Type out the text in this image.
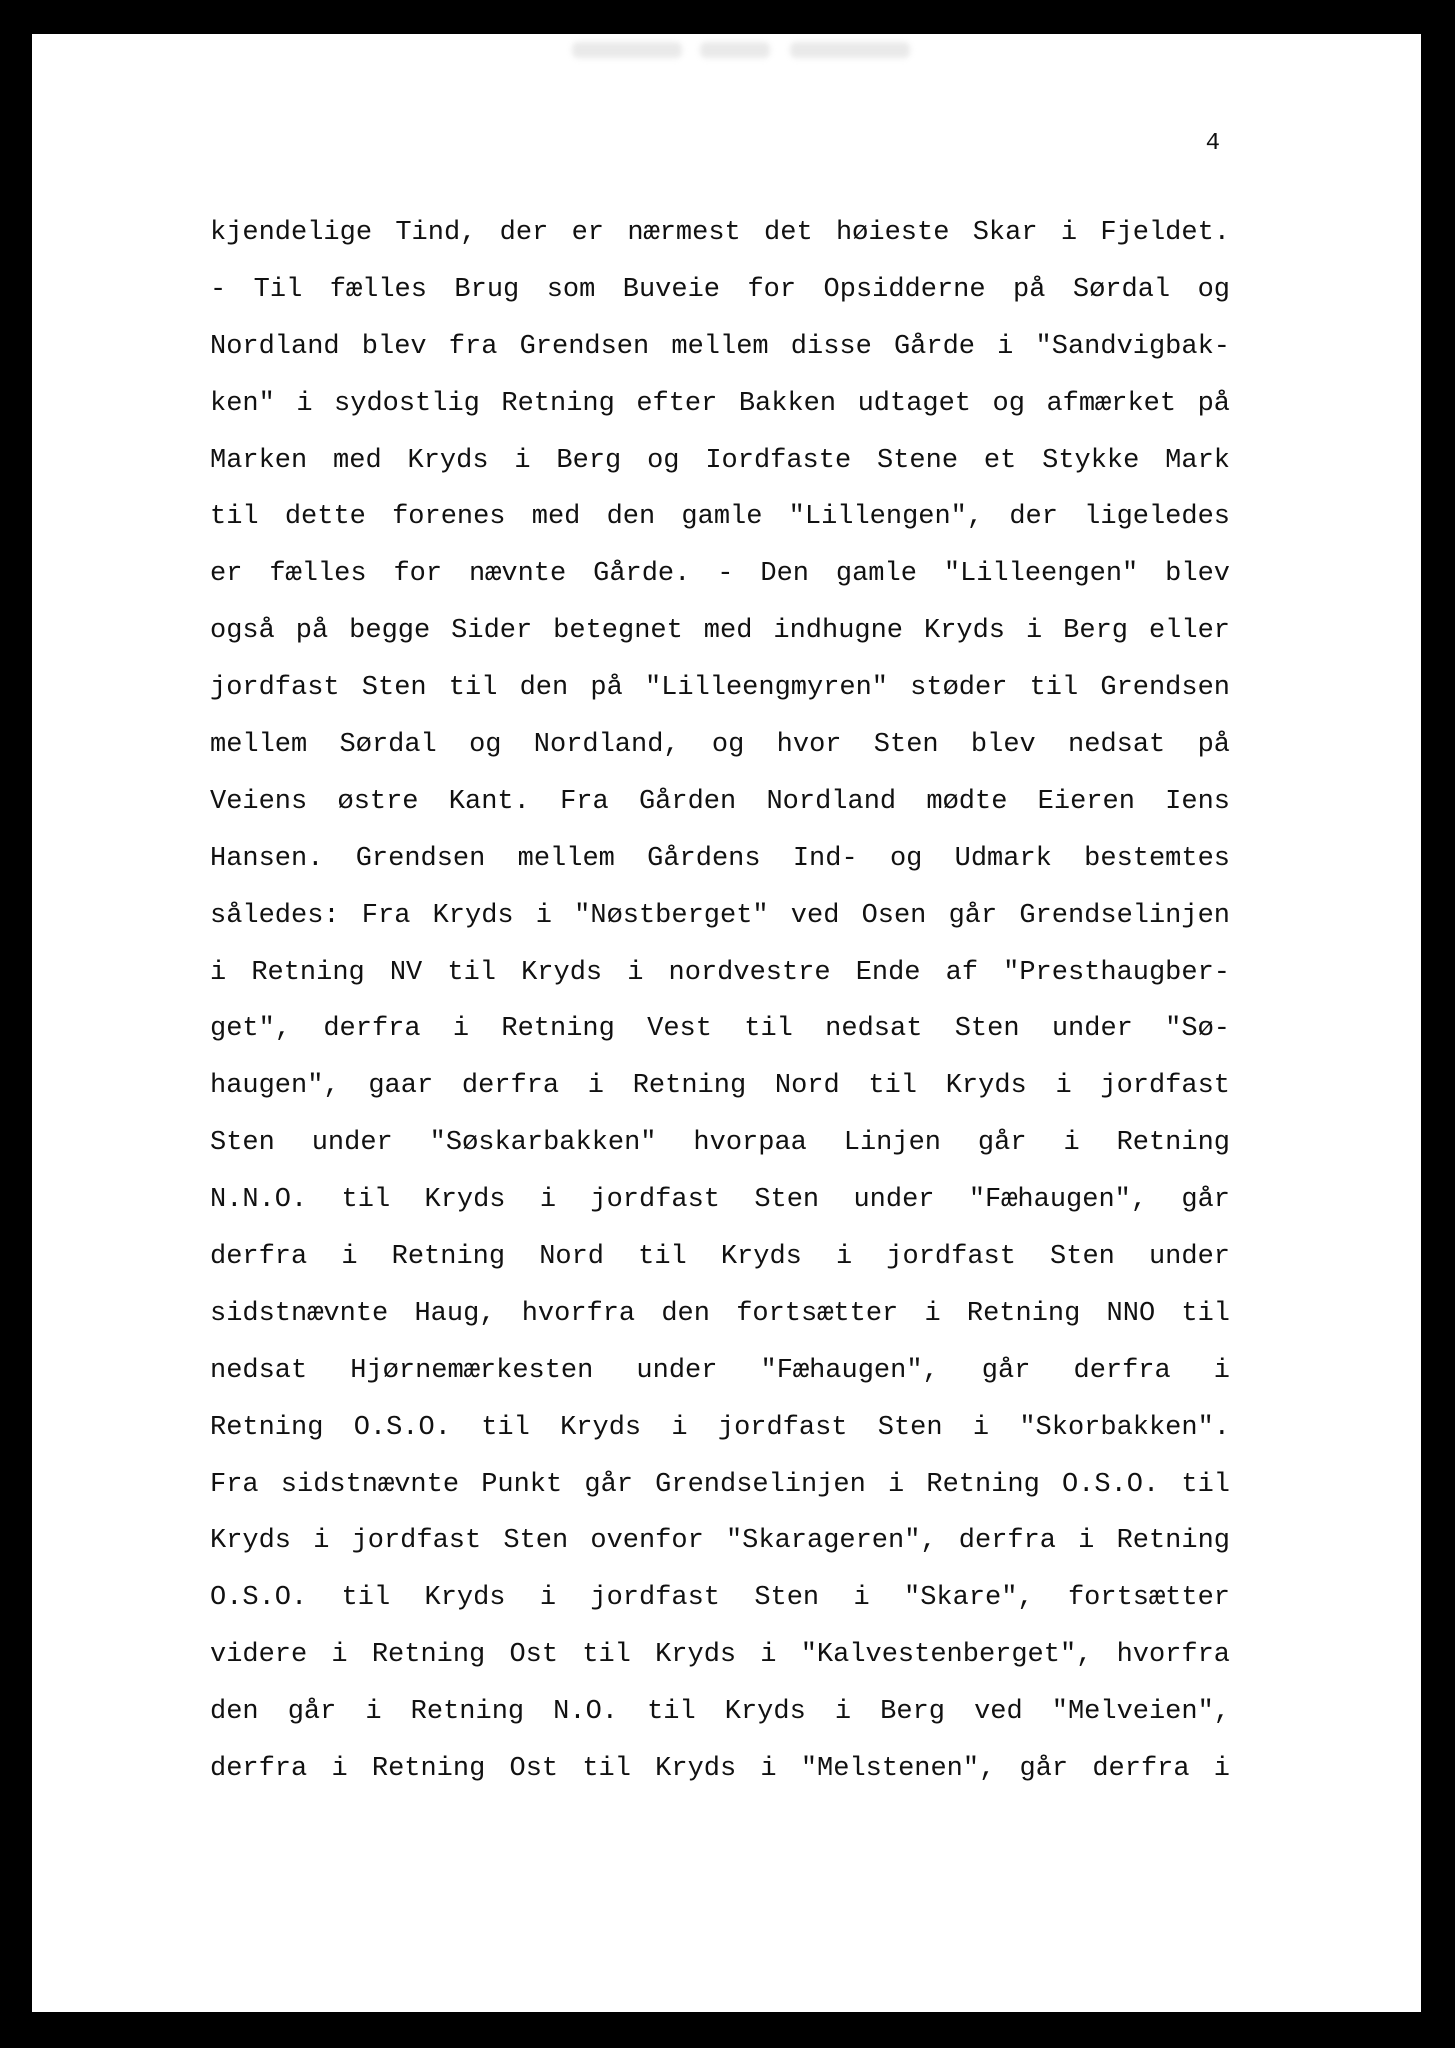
4
kjendelige Tind, der er nærmest det høieste Skar i Fjeldet.
- Til fælles Brug som Buveie for Opsidderne på Sørdal og
Nordland blev fra Grendsen mellem disse Gårde i "Sandvigbak-
ken" i sydostlig Retning efter Bakken udtaget og afmærket på
Marken med Kryds i Berg og Iordfaste Stene et Stykke Mark
til dette forenes med den gamle "Lillengen", der ligeledes
er fælles for nævnte Gårde. - Den gamle "Lilleengen" blev
også på begge Sider betegnet med indhugne Kryds i Berg eller
jordfast Sten til den på "Lilleengmyren" støder til Grendsen
mellem Sørdal og Nordland, og hvor Sten blev nedsat på
Veiens østre Kant. Fra Gården Nordland mødte Eieren Iens
Hansen. Grendsen mellem Gårdens Ind- og Udmark bestemtes
således: Fra Kryds i "Nøstberget" ved Osen går Grendselinjen
i Retning NV til Kryds i nordvestre Ende af "Presthaugber-
get", derfra i Retning Vest til nedsat Sten under "Sø-
haugen", gaar derfra i Retning Nord til Kryds i jordfast
Sten under "Søskarbakken" hvorpaa Linjen går i Retning
N.N.O. til Kryds i jordfast Sten under "Fæhaugen", går
derfra i Retning Nord til Kryds i jordfast Sten under
sidstnævnte Haug, hvorfra den fortsætter i Retning NNO til
nedsat Hjørnemærkesten under "Fæhaugen", går derfra i
Retning O.S.O. til Kryds i jordfast Sten i "Skorbakken".
Fra sidstnævnte Punkt går Grendselinjen i Retning O.S.O. til
Kryds i jordfast Sten ovenfor "Skarageren", derfra i Retning
O.S.O. til Kryds i jordfast Sten i "Skare", fortsætter
videre i Retning Ost til Kryds i "Kalvestenberget", hvorfra
den går i Retning N.O. til Kryds i Berg ved "Melveien",
derfra i Retning Ost til Kryds i "Melstenen", går derfra i
